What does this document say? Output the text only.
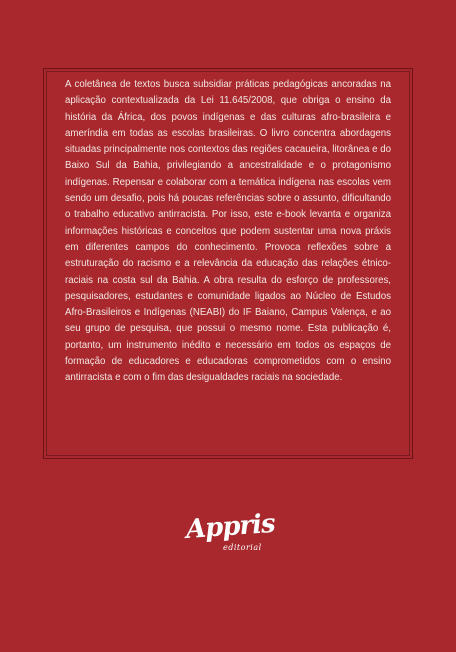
A coletânea de textos busca subsidiar práticas pedagógicas ancoradas na aplicação contextualizada da Lei 11.645/2008, que obriga o ensino da história da África, dos povos indígenas e das culturas afro-brasileira e ameríndia em todas as escolas brasileiras. O livro concentra abordagens situadas principalmente nos contextos das regiões cacaueira, litorânea e do Baixo Sul da Bahia, privilegiando a ancestralidade e o protagonismo indígenas. Repensar e colaborar com a temática indígena nas escolas vem sendo um desafio, pois há poucas referências sobre o assunto, dificultando o trabalho educativo antirracista. Por isso, este e-book levanta e organiza informações históricas e conceitos que podem sustentar uma nova práxis em diferentes campos do conhecimento. Provoca reflexões sobre a estruturação do racismo e a relevância da educação das relações étnico-raciais na costa sul da Bahia. A obra resulta do esforço de professores, pesquisadores, estudantes e comunidade ligados ao Núcleo de Estudos Afro-Brasileiros e Indígenas (NEABI) do IF Baiano, Campus Valença, e ao seu grupo de pesquisa, que possui o mesmo nome. Esta publicação é, portanto, um instrumento inédito e necessário em todos os espaços de formação de educadores e educadoras comprometidos com o ensino antirracista e com o fim das desigualdades raciais na sociedade.

Appris
editorial
